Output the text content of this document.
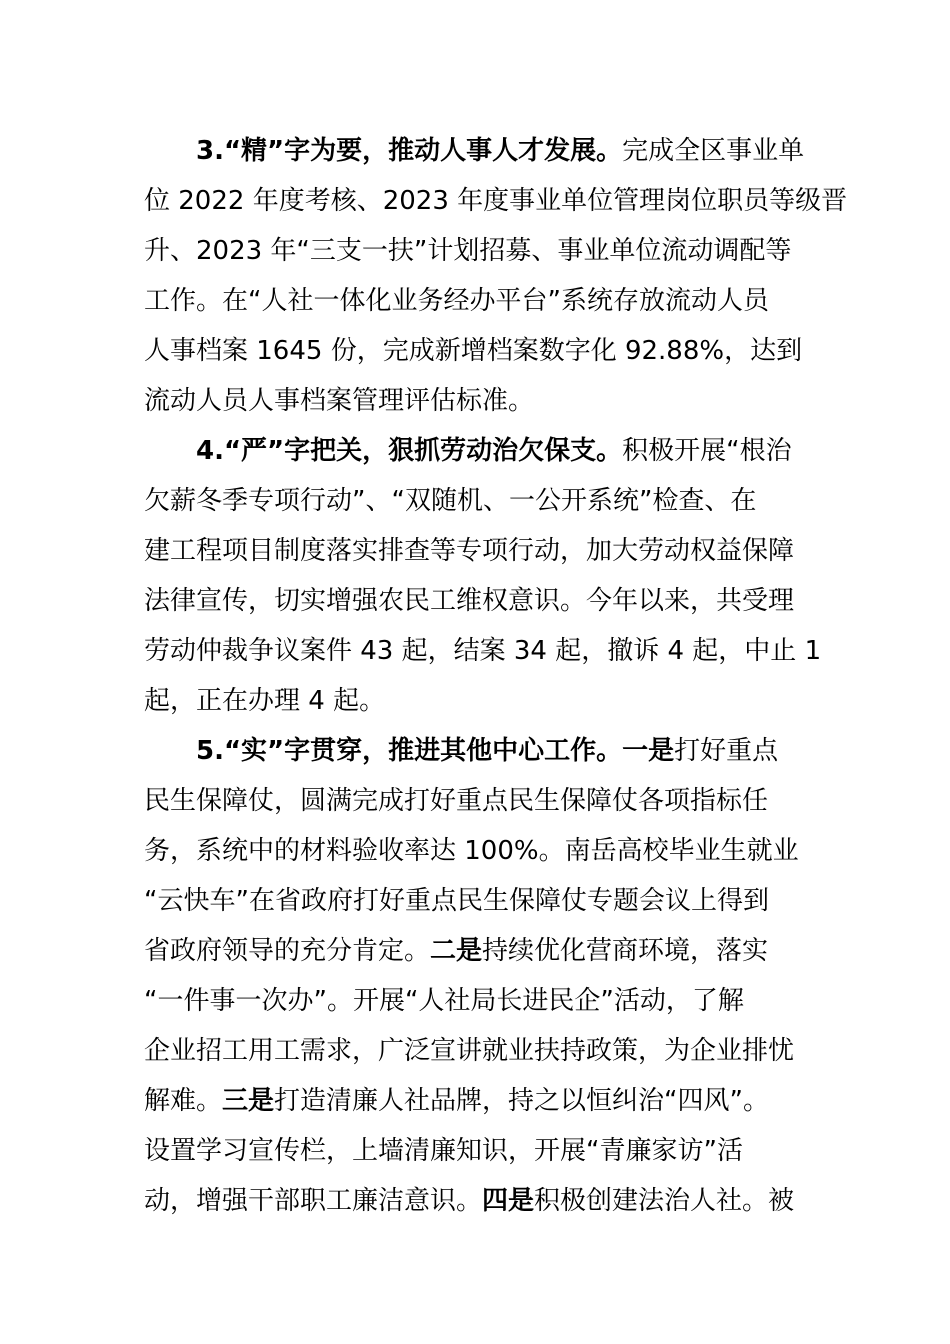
3.“精”字为要，推动人事人才发展。完成全区事业单
位 2022 年度考核、2023 年度事业单位管理岗位职员等级晋
升、2023 年“三支一扶”计划招募、事业单位流动调配等
工作。在“人社一体化业务经办平台”系统存放流动人员
人事档案 1645 份，完成新增档案数字化 92.88%，达到
流动人员人事档案管理评估标准。

4.“严”字把关，狠抓劳动治欠保支。积极开展“根治
欠薪冬季专项行动”、“双随机、一公开系统”检查、在
建工程项目制度落实排查等专项行动，加大劳动权益保障
法律宣传，切实增强农民工维权意识。今年以来，共受理
劳动仲裁争议案件 43 起，结案 34 起，撤诉 4 起，中止 1
起，正在办理 4 起。

5.“实”字贯穿，推进其他中心工作。一是打好重点
民生保障仗，圆满完成打好重点民生保障仗各项指标任
务，系统中的材料验收率达 100%。南岳高校毕业生就业
“云快车”在省政府打好重点民生保障仗专题会议上得到
省政府领导的充分肯定。二是持续优化营商环境，落实
“一件事一次办”。开展“人社局长进民企”活动，了解
企业招工用工需求，广泛宣讲就业扶持政策，为企业排忧
解难。三是打造清廉人社品牌，持之以恒纠治“四风”。
设置学习宣传栏，上墙清廉知识，开展“青廉家访”活
动，增强干部职工廉洁意识。四是积极创建法治人社。被
